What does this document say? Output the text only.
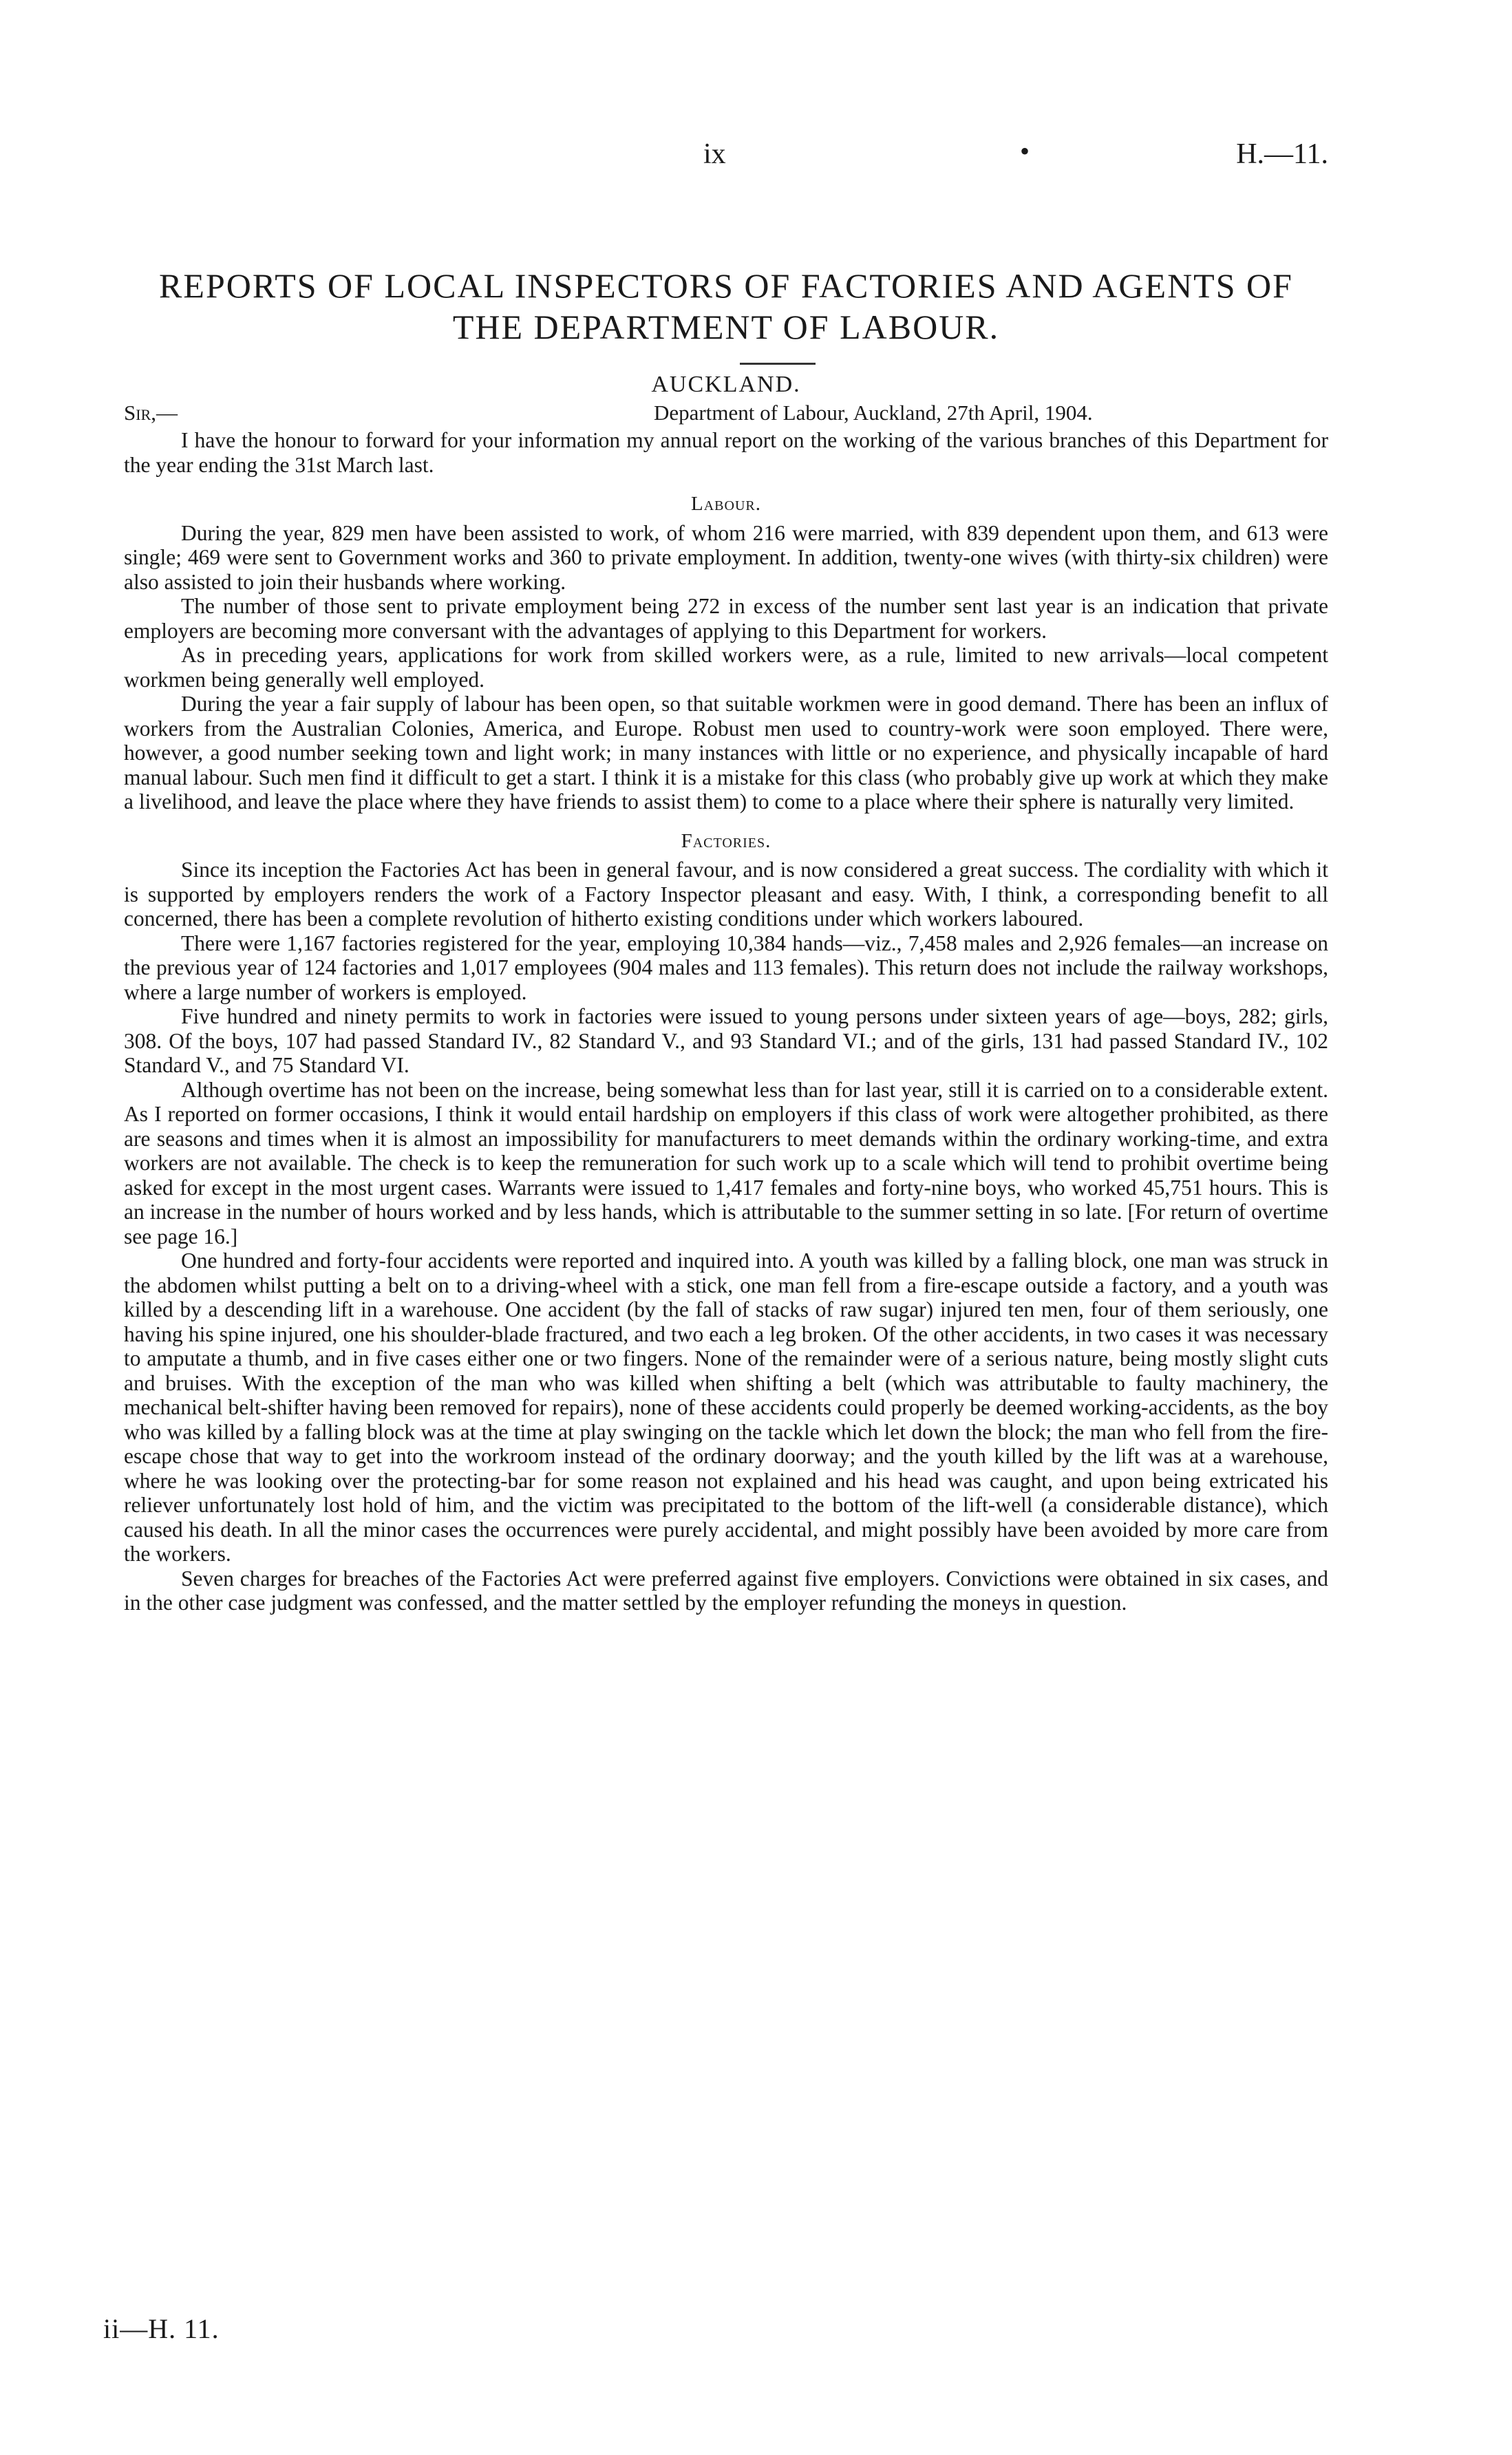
ix	•	H.—11.
REPORTS OF LOCAL INSPECTORS OF FACTORIES AND AGENTS OF THE DEPARTMENT OF LABOUR.
AUCKLAND.
Sir,—	Department of Labour, Auckland, 27th April, 1904.

I have the honour to forward for your information my annual report on the working of the various branches of this Department for the year ending the 31st March last.

Labour.

During the year, 829 men have been assisted to work, of whom 216 were married, with 839 dependent upon them, and 613 were single; 469 were sent to Government works and 360 to private employment. In addition, twenty-one wives (with thirty-six children) were also assisted to join their husbands where working.

The number of those sent to private employment being 272 in excess of the number sent last year is an indication that private employers are becoming more conversant with the advantages of applying to this Department for workers.

As in preceding years, applications for work from skilled workers were, as a rule, limited to new arrivals—local competent workmen being generally well employed.

During the year a fair supply of labour has been open, so that suitable workmen were in good demand. There has been an influx of workers from the Australian Colonies, America, and Europe. Robust men used to country-work were soon employed. There were, however, a good number seeking town and light work; in many instances with little or no experience, and physically incapable of hard manual labour. Such men find it difficult to get a start. I think it is a mistake for this class (who probably give up work at which they make a livelihood, and leave the place where they have friends to assist them) to come to a place where their sphere is naturally very limited.

Factories.

Since its inception the Factories Act has been in general favour, and is now considered a great success. The cordiality with which it is supported by employers renders the work of a Factory Inspector pleasant and easy. With, I think, a corresponding benefit to all concerned, there has been a complete revolution of hitherto existing conditions under which workers laboured.

There were 1,167 factories registered for the year, employing 10,384 hands—viz., 7,458 males and 2,926 females—an increase on the previous year of 124 factories and 1,017 employees (904 males and 113 females). This return does not include the railway workshops, where a large number of workers is employed.

Five hundred and ninety permits to work in factories were issued to young persons under sixteen years of age—boys, 282; girls, 308. Of the boys, 107 had passed Standard IV., 82 Standard V., and 93 Standard VI.; and of the girls, 131 had passed Standard IV., 102 Standard V., and 75 Standard VI.

Although overtime has not been on the increase, being somewhat less than for last year, still it is carried on to a considerable extent. As I reported on former occasions, I think it would entail hardship on employers if this class of work were altogether prohibited, as there are seasons and times when it is almost an impossibility for manufacturers to meet demands within the ordinary working-time, and extra workers are not available. The check is to keep the remuneration for such work up to a scale which will tend to prohibit overtime being asked for except in the most urgent cases. Warrants were issued to 1,417 females and forty-nine boys, who worked 45,751 hours. This is an increase in the number of hours worked and by less hands, which is attributable to the summer setting in so late. [For return of overtime see page 16.]

One hundred and forty-four accidents were reported and inquired into. A youth was killed by a falling block, one man was struck in the abdomen whilst putting a belt on to a driving-wheel with a stick, one man fell from a fire-escape outside a factory, and a youth was killed by a descending lift in a warehouse. One accident (by the fall of stacks of raw sugar) injured ten men, four of them seriously, one having his spine injured, one his shoulder-blade fractured, and two each a leg broken. Of the other accidents, in two cases it was necessary to amputate a thumb, and in five cases either one or two fingers. None of the remainder were of a serious nature, being mostly slight cuts and bruises. With the exception of the man who was killed when shifting a belt (which was attributable to faulty machinery, the mechanical belt-shifter having been removed for repairs), none of these accidents could properly be deemed working-accidents, as the boy who was killed by a falling block was at the time at play swinging on the tackle which let down the block; the man who fell from the fire-escape chose that way to get into the workroom instead of the ordinary doorway; and the youth killed by the lift was at a warehouse, where he was looking over the protecting-bar for some reason not explained and his head was caught, and upon being extricated his reliever unfortunately lost hold of him, and the victim was precipitated to the bottom of the lift-well (a considerable distance), which caused his death. In all the minor cases the occurrences were purely accidental, and might possibly have been avoided by more care from the workers.

Seven charges for breaches of the Factories Act were preferred against five employers. Convictions were obtained in six cases, and in the other case judgment was confessed, and the matter settled by the employer refunding the moneys in question.

ii—H. 11.
